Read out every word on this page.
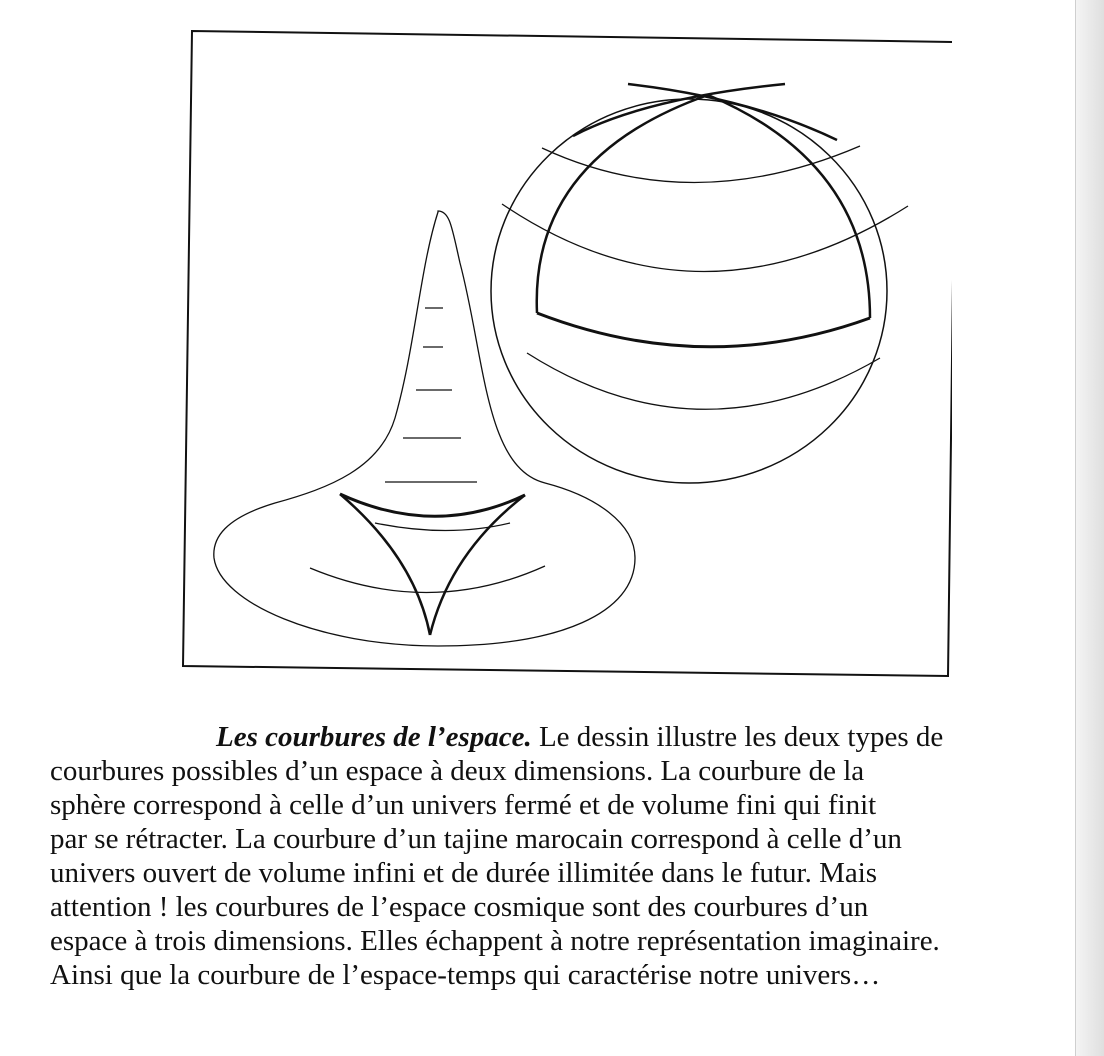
Les courbures de l’espace. Le dessin illustre les deux types de
courbures possibles d’un espace à deux dimensions. La courbure de la
sphère correspond à celle d’un univers fermé et de volume fini qui finit
par se rétracter. La courbure d’un tajine marocain correspond à celle d’un
univers ouvert de volume infini et de durée illimitée dans le futur. Mais
attention ! les courbures de l’espace cosmique sont des courbures d’un
espace à trois dimensions. Elles échappent à notre représentation imaginaire.
Ainsi que la courbure de l’espace-temps qui caractérise notre univers…
